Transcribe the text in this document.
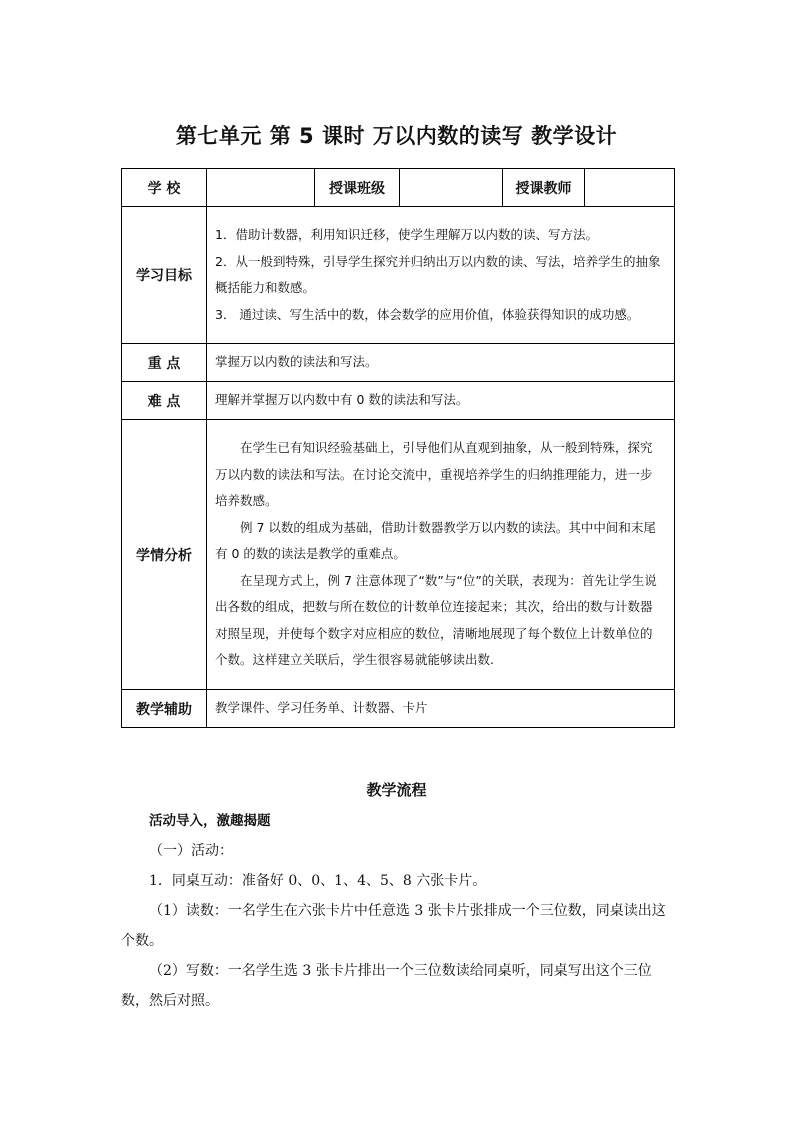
第七单元 第 5 课时 万以内数的读写 教学设计
学 校		授课班级		授课教师	
学习目标	1．借助计数器，利用知识迁移，使学生理解万以内数的读、写方法。

2．从一般到特殊，引导学生探究并归纳出万以内数的读、写法，培养学生的抽象概括能力和数感。

3． 通过读、写生活中的数，体会数学的应用价值，体验获得知识的成功感。				

重 点	掌握万以内数的读法和写法。				
难 点	理解并掌握万以内数中有 0 数的读法和写法。				
学情分析	在学生已有知识经验基础上，引导他们从直观到抽象，从一般到特殊，探究万以内数的读法和写法。在讨论交流中，重视培养学生的归纳推理能力，进一步培养数感。

例 7 以数的组成为基础，借助计数器教学万以内数的读法。其中中间和末尾有 0 的数的读法是教学的重难点。

在呈现方式上，例 7 注意体现了“数”与“位”的关联，表现为：首先让学生说出各数的组成，把数与所在数位的计数单位连接起来；其次，给出的数与计数器对照呈现，并使每个数字对应相应的数位，清晰地展现了每个数位上计数单位的个数。这样建立关联后，学生很容易就能够读出数.				

教学辅助	教学课件、学习任务单、计数器、卡片				
教学流程

活动导入，激趣揭题

（一）活动：

1．同桌互动：准备好 0、0、1、4、5、8 六张卡片。

（1）读数：一名学生在六张卡片中任意选 3 张卡片张排成一个三位数，同桌读出这个数。

（2）写数：一名学生选 3 张卡片排出一个三位数读给同桌听，同桌写出这个三位数，然后对照。
